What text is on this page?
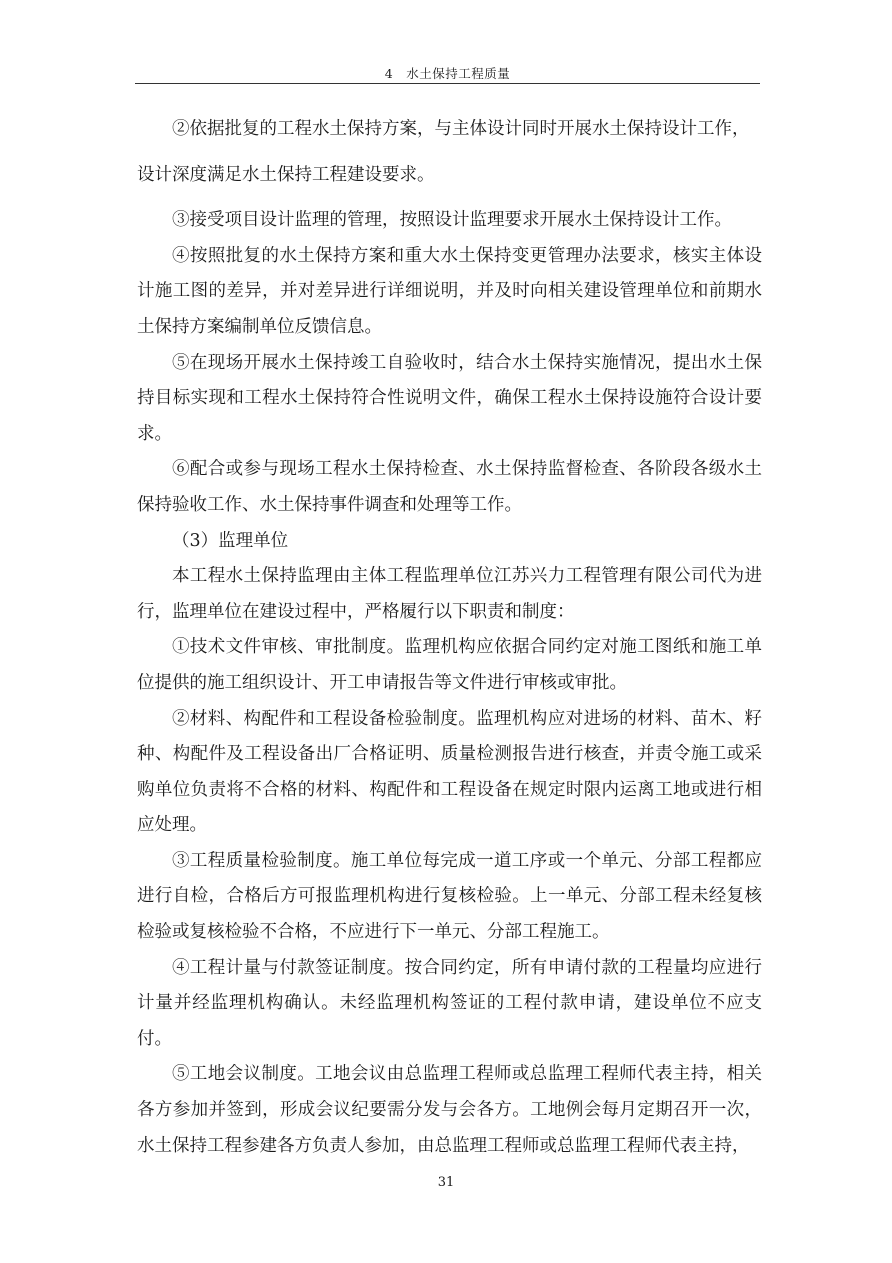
4　水土保持工程质量

②依据批复的工程水土保持方案，与主体设计同时开展水土保持设计工作，
设计深度满足水土保持工程建设要求。

③接受项目设计监理的管理，按照设计监理要求开展水土保持设计工作。

④按照批复的水土保持方案和重大水土保持变更管理办法要求，核实主体设计施工图的差异，并对差异进行详细说明，并及时向相关建设管理单位和前期水土保持方案编制单位反馈信息。

⑤在现场开展水土保持竣工自验收时，结合水土保持实施情况，提出水土保持目标实现和工程水土保持符合性说明文件，确保工程水土保持设施符合设计要求。

⑥配合或参与现场工程水土保持检查、水土保持监督检查、各阶段各级水土保持验收工作、水土保持事件调查和处理等工作。

（3）监理单位

本工程水土保持监理由主体工程监理单位江苏兴力工程管理有限公司代为进行，监理单位在建设过程中，严格履行以下职责和制度：

①技术文件审核、审批制度。监理机构应依据合同约定对施工图纸和施工单位提供的施工组织设计、开工申请报告等文件进行审核或审批。

②材料、构配件和工程设备检验制度。监理机构应对进场的材料、苗木、籽种、构配件及工程设备出厂合格证明、质量检测报告进行核查，并责令施工或采购单位负责将不合格的材料、构配件和工程设备在规定时限内运离工地或进行相应处理。

③工程质量检验制度。施工单位每完成一道工序或一个单元、分部工程都应进行自检，合格后方可报监理机构进行复核检验。上一单元、分部工程未经复核检验或复核检验不合格，不应进行下一单元、分部工程施工。

④工程计量与付款签证制度。按合同约定，所有申请付款的工程量均应进行计量并经监理机构确认。未经监理机构签证的工程付款申请，建设单位不应支付。

⑤工地会议制度。工地会议由总监理工程师或总监理工程师代表主持，相关各方参加并签到，形成会议纪要需分发与会各方。工地例会每月定期召开一次，水土保持工程参建各方负责人参加，由总监理工程师或总监理工程师代表主持，

31
